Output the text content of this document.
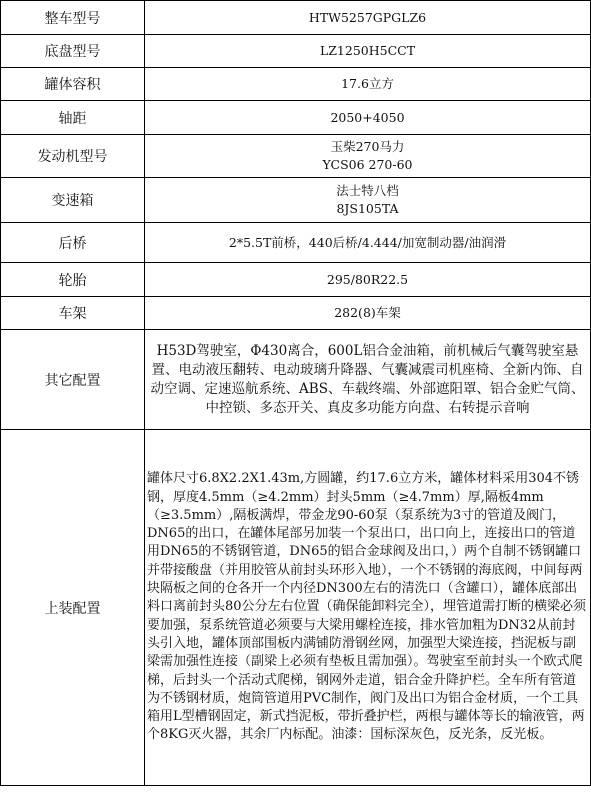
整车型号	HTW5257GPGLZ6
底盘型号	LZ1250H5CCT
罐体容积	17.6立方
轴距	2050+4050
发动机型号	玉柴270马力
YCS06 270-60

变速箱	法士特八档
8JS105TA

后桥	2*5.5T前桥，440后桥/4.444/加宽制动器/油润滑
轮胎	295/80R22.5
车架	282(8)车架
其它配置	H53D驾驶室，Φ430离合，600L铝合金油箱，前机械后气囊驾驶室悬置、电动液压翻转、电动玻璃升降器、气囊减震司机座椅、全新内饰、自动空调、定速巡航系统、ABS、车载终端、外部遮阳罩、铝合金贮气筒、中控锁、多态开关、真皮多功能方向盘、右转提示音响
上装配置	罐体尺寸6.8X2.2X1.43m,方圆罐，约17.6立方米，罐体材料采用304不锈钢，厚度4.5mm（≥4.2mm）封头5mm（≥4.7mm）厚,隔板4mm（≥3.5mm）,隔板满焊，带金龙90-60泵（泵系统为3寸的管道及阀门，DN65的出口，在罐体尾部另加装一个泵出口，出口向上，连接出口的管道用DN65的不锈钢管道，DN65的铝合金球阀及出口，）两个自制不锈钢罐口并带接酸盘（并用胶管从前封头环形入地），一个不锈钢的海底阀，中间每两块隔板之间的仓各开一个内径DN300左右的清洗口（含罐口），罐体底部出料口离前封头80公分左右位置（确保能卸料完全），埋管道需打断的横梁必须要加强，泵系统管道必须要与大梁用螺栓连接，排水管加粗为DN32从前封头引入地，罐体顶部围板内满铺防滑钢丝网，加强型大梁连接，挡泥板与副梁需加强性连接（副梁上必须有垫板且需加强）。驾驶室至前封头一个欧式爬梯，后封头一个活动式爬梯，钢网外走道，铝合金升降护栏。全车所有管道为不锈钢材质，炮筒管道用PVC制作，阀门及出口为铝合金材质，一个工具箱用L型槽钢固定，新式挡泥板，带折叠护栏，两根与罐体等长的输液管，两个8KG灭火器，其余厂内标配。油漆：国标深灰色，反光条，反光板。
